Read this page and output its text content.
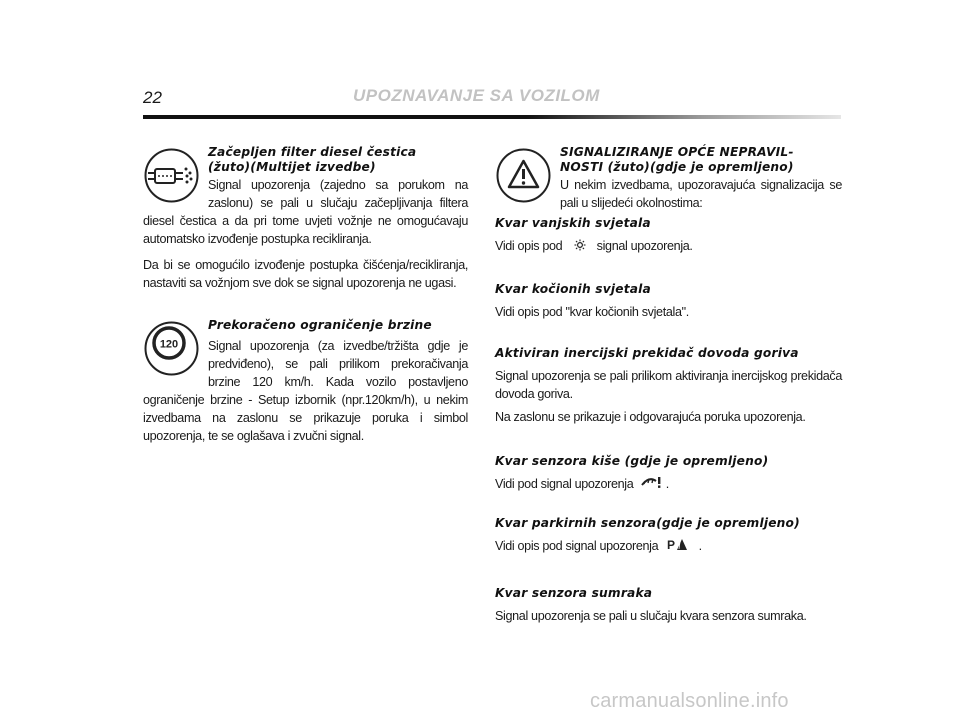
22	UPOZNAVANJE SA VOZILOM
Začepljen filter diesel čestica
(žuto)(Multijet izvedbe)
Signal upozorenja (zajedno sa porukom na zaslonu) se pali u slučaju začepljivanja filtera diesel čestica a da pri tome uvjeti vožnje ne omogućavaju automatsko izvođenje postupka recikliranja.
Da bi se omogućilo izvođenje postupka čišćenja/recikliranja, nastaviti sa vožnjom sve dok se signal upozorenja ne ugasi.
120
Prekoračeno ograničenje brzine
Signal upozorenja (za izvedbe/tržišta gdje je predviđeno), se pali prilikom prekoračivanja brzine 120 km/h. Kada vozilo postavljeno ograničenje brzine - Setup izbornik (npr.120km/h), u nekim izvedbama na zaslonu se prikazuje poruka i simbol upozorenja, te se oglašava i zvučni signal.
SIGNALIZIRANJE OPĆE NEPRAVIL-
NOSTI (žuto)(gdje je opremljeno)
U nekim izvedbama, upozoravajuća signalizacija se pali u slijedeći okolnostima:
Kvar vanjskih svjetala
Vidi opis pod	signal upozorenja.
Kvar kočionih svjetala
Vidi opis pod "kvar kočionih svjetala".
Aktiviran inercijski prekidač dovoda goriva
Signal upozorenja se pali prilikom aktiviranja inercijskog prekidača dovoda goriva.
Na zaslonu se prikazuje i odgovarajuća poruka upozorenja.
Kvar senzora kiše (gdje je opremljeno)
Vidi pod signal upozorenja	.
Kvar parkirnih senzora(gdje je opremljeno)
Vidi opis pod signal upozorenja P .
Kvar senzora sumraka
Signal upozorenja se pali u slučaju kvara senzora sumraka.
carmanualsonline.info
